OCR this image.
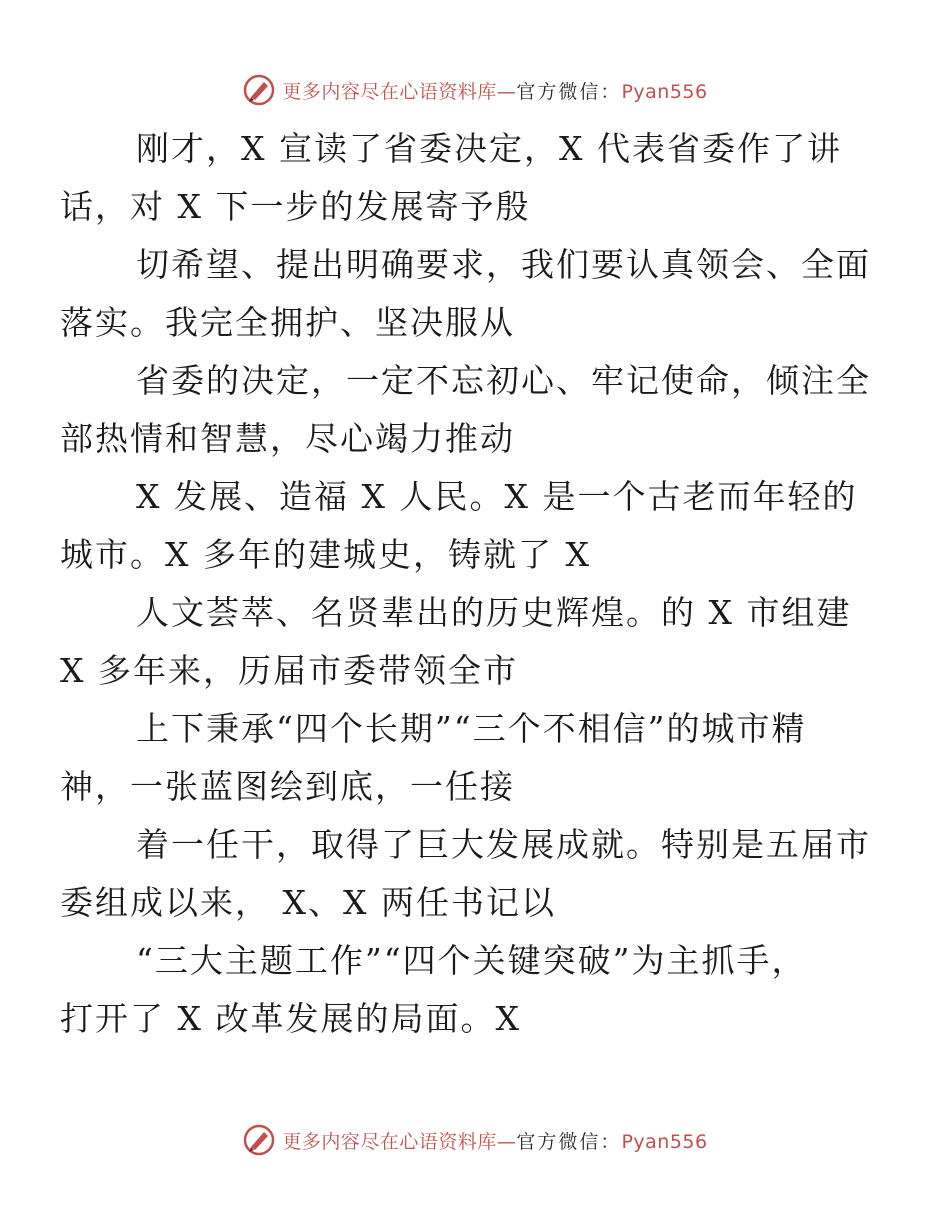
更多内容尽在心语资料库—官方微信：Pyan556

刚才，X 宣读了省委决定，X 代表省委作了讲
话，对 X 下一步的发展寄予殷

切希望、提出明确要求，我们要认真领会、全面
落实。我完全拥护、坚决服从

省委的决定，一定不忘初心、牢记使命，倾注全
部热情和智慧，尽心竭力推动

X 发展、造福 X 人民。X 是一个古老而年轻的
城市。X 多年的建城史，铸就了 X

人文荟萃、名贤辈出的历史辉煌。的 X 市组建
X 多年来，历届市委带领全市

上下秉承“四个长期”“三个不相信”的城市精
神，一张蓝图绘到底，一任接

着一任干，取得了巨大发展成就。特别是五届市
委组成以来， X、X 两任书记以

“三大主题工作”“四个关键突破”为主抓手，
打开了 X 改革发展的局面。X

更多内容尽在心语资料库—官方微信：Pyan556
